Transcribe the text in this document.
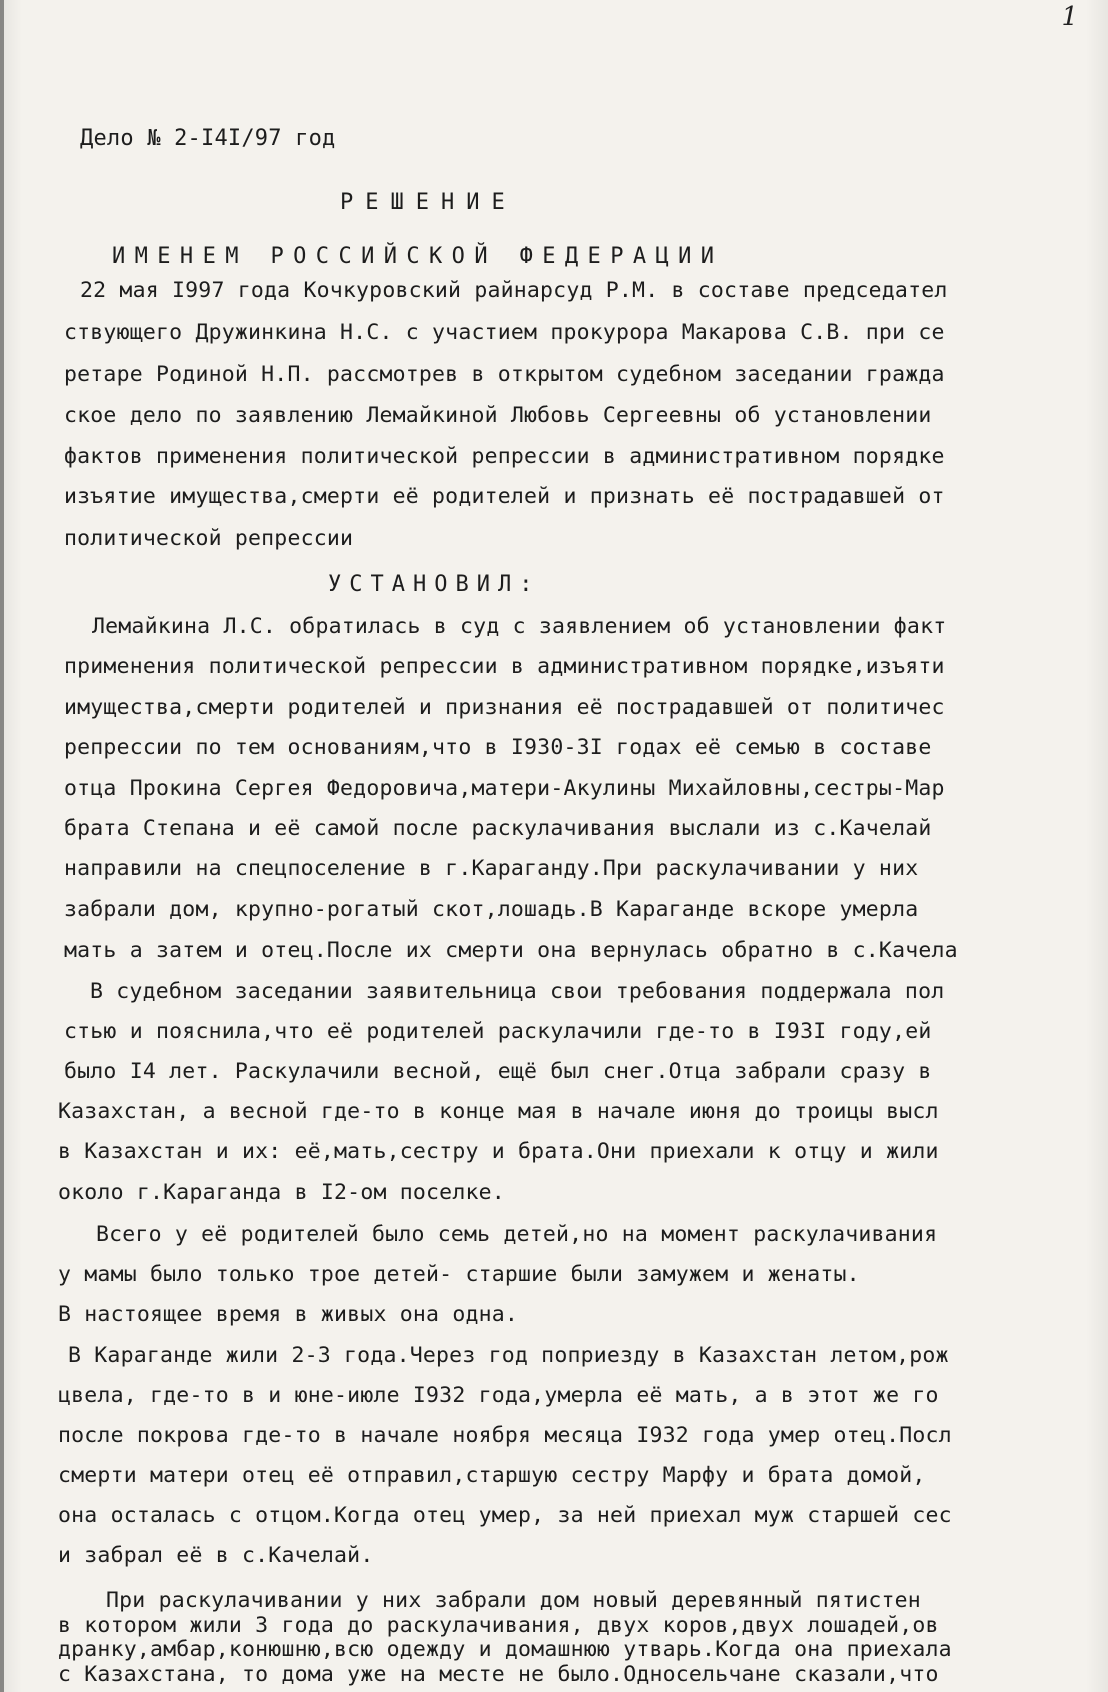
1
Дело № 2-I4I/97 год
РЕШЕНИЕ
ИМЕНЕМ РОССИЙСКОЙ ФЕДЕРАЦИИ
22 мая I997 года Кочкуровский райнарсуд Р.М. в составе председател
ствующего Дружинкина Н.С. с участием прокурора Макарова С.В. при се
ретаре Родиной Н.П. рассмотрев в открытом судебном заседании гражда
ское дело по заявлению Лемайкиной Любовь Сергеевны об установлении
фактов применения политической репрессии в административном порядке
изъятие имущества,смерти её родителей и признать её пострадавшей от
политической репрессии
УСТАНОВИЛ:
Лемайкина Л.С. обратилась в суд с заявлением об установлении факт
применения политической репрессии в административном порядке,изъяти
имущества,смерти родителей и признания её пострадавшей от политичес
репрессии по тем основаниям,что в I930-3I годах её семью в составе
отца Прокина Сергея Федоровича,матери-Акулины Михайловны,сестры-Мар
брата Степана и её самой после раскулачивания выслали из с.Качелай
направили на спецпоселение в г.Караганду.При раскулачивании у них
забрали дом, крупно-рогатый скот,лошадь.В Караганде вскоре умерла
мать а затем и отец.После их смерти она вернулась обратно в с.Качела
В судебном заседании заявительница свои требования поддержала пол
стью и пояснила,что её родителей раскулачили где-то в I93I году,ей
было I4 лет. Раскулачили весной, ещё был снег.Отца забрали сразу в
Казахстан, а весной где-то в конце мая в начале июня до троицы высл
в Казахстан и их: её,мать,сестру и брата.Они приехали к отцу и жили
около г.Караганда в I2-ом поселке.
Всего у её родителей было семь детей,но на момент раскулачивания
у мамы было только трое детей- старшие были замужем и женаты.
В настоящее время в живых она одна.
В Караганде жили 2-3 года.Через год поприезду в Казахстан летом,рож
цвела, где-то в и юне-июле I932 года,умерла её мать, а в этот же го
после покрова где-то в начале ноября месяца I932 года умер отец.Посл
смерти матери отец её отправил,старшую сестру Марфу и брата домой,
она осталась с отцом.Когда отец умер, за ней приехал муж старшей сес
и забрал её в с.Качелай.
При раскулачивании у них забрали дом новый деревянный пятистен
в котором жили 3 года до раскулачивания, двух коров,двух лошадей,ов
дранку,амбар,конюшню,всю одежду и домашнюю утварь.Когда она приехала
с Казахстана, то дома уже на месте не было.Односельчане сказали,что
